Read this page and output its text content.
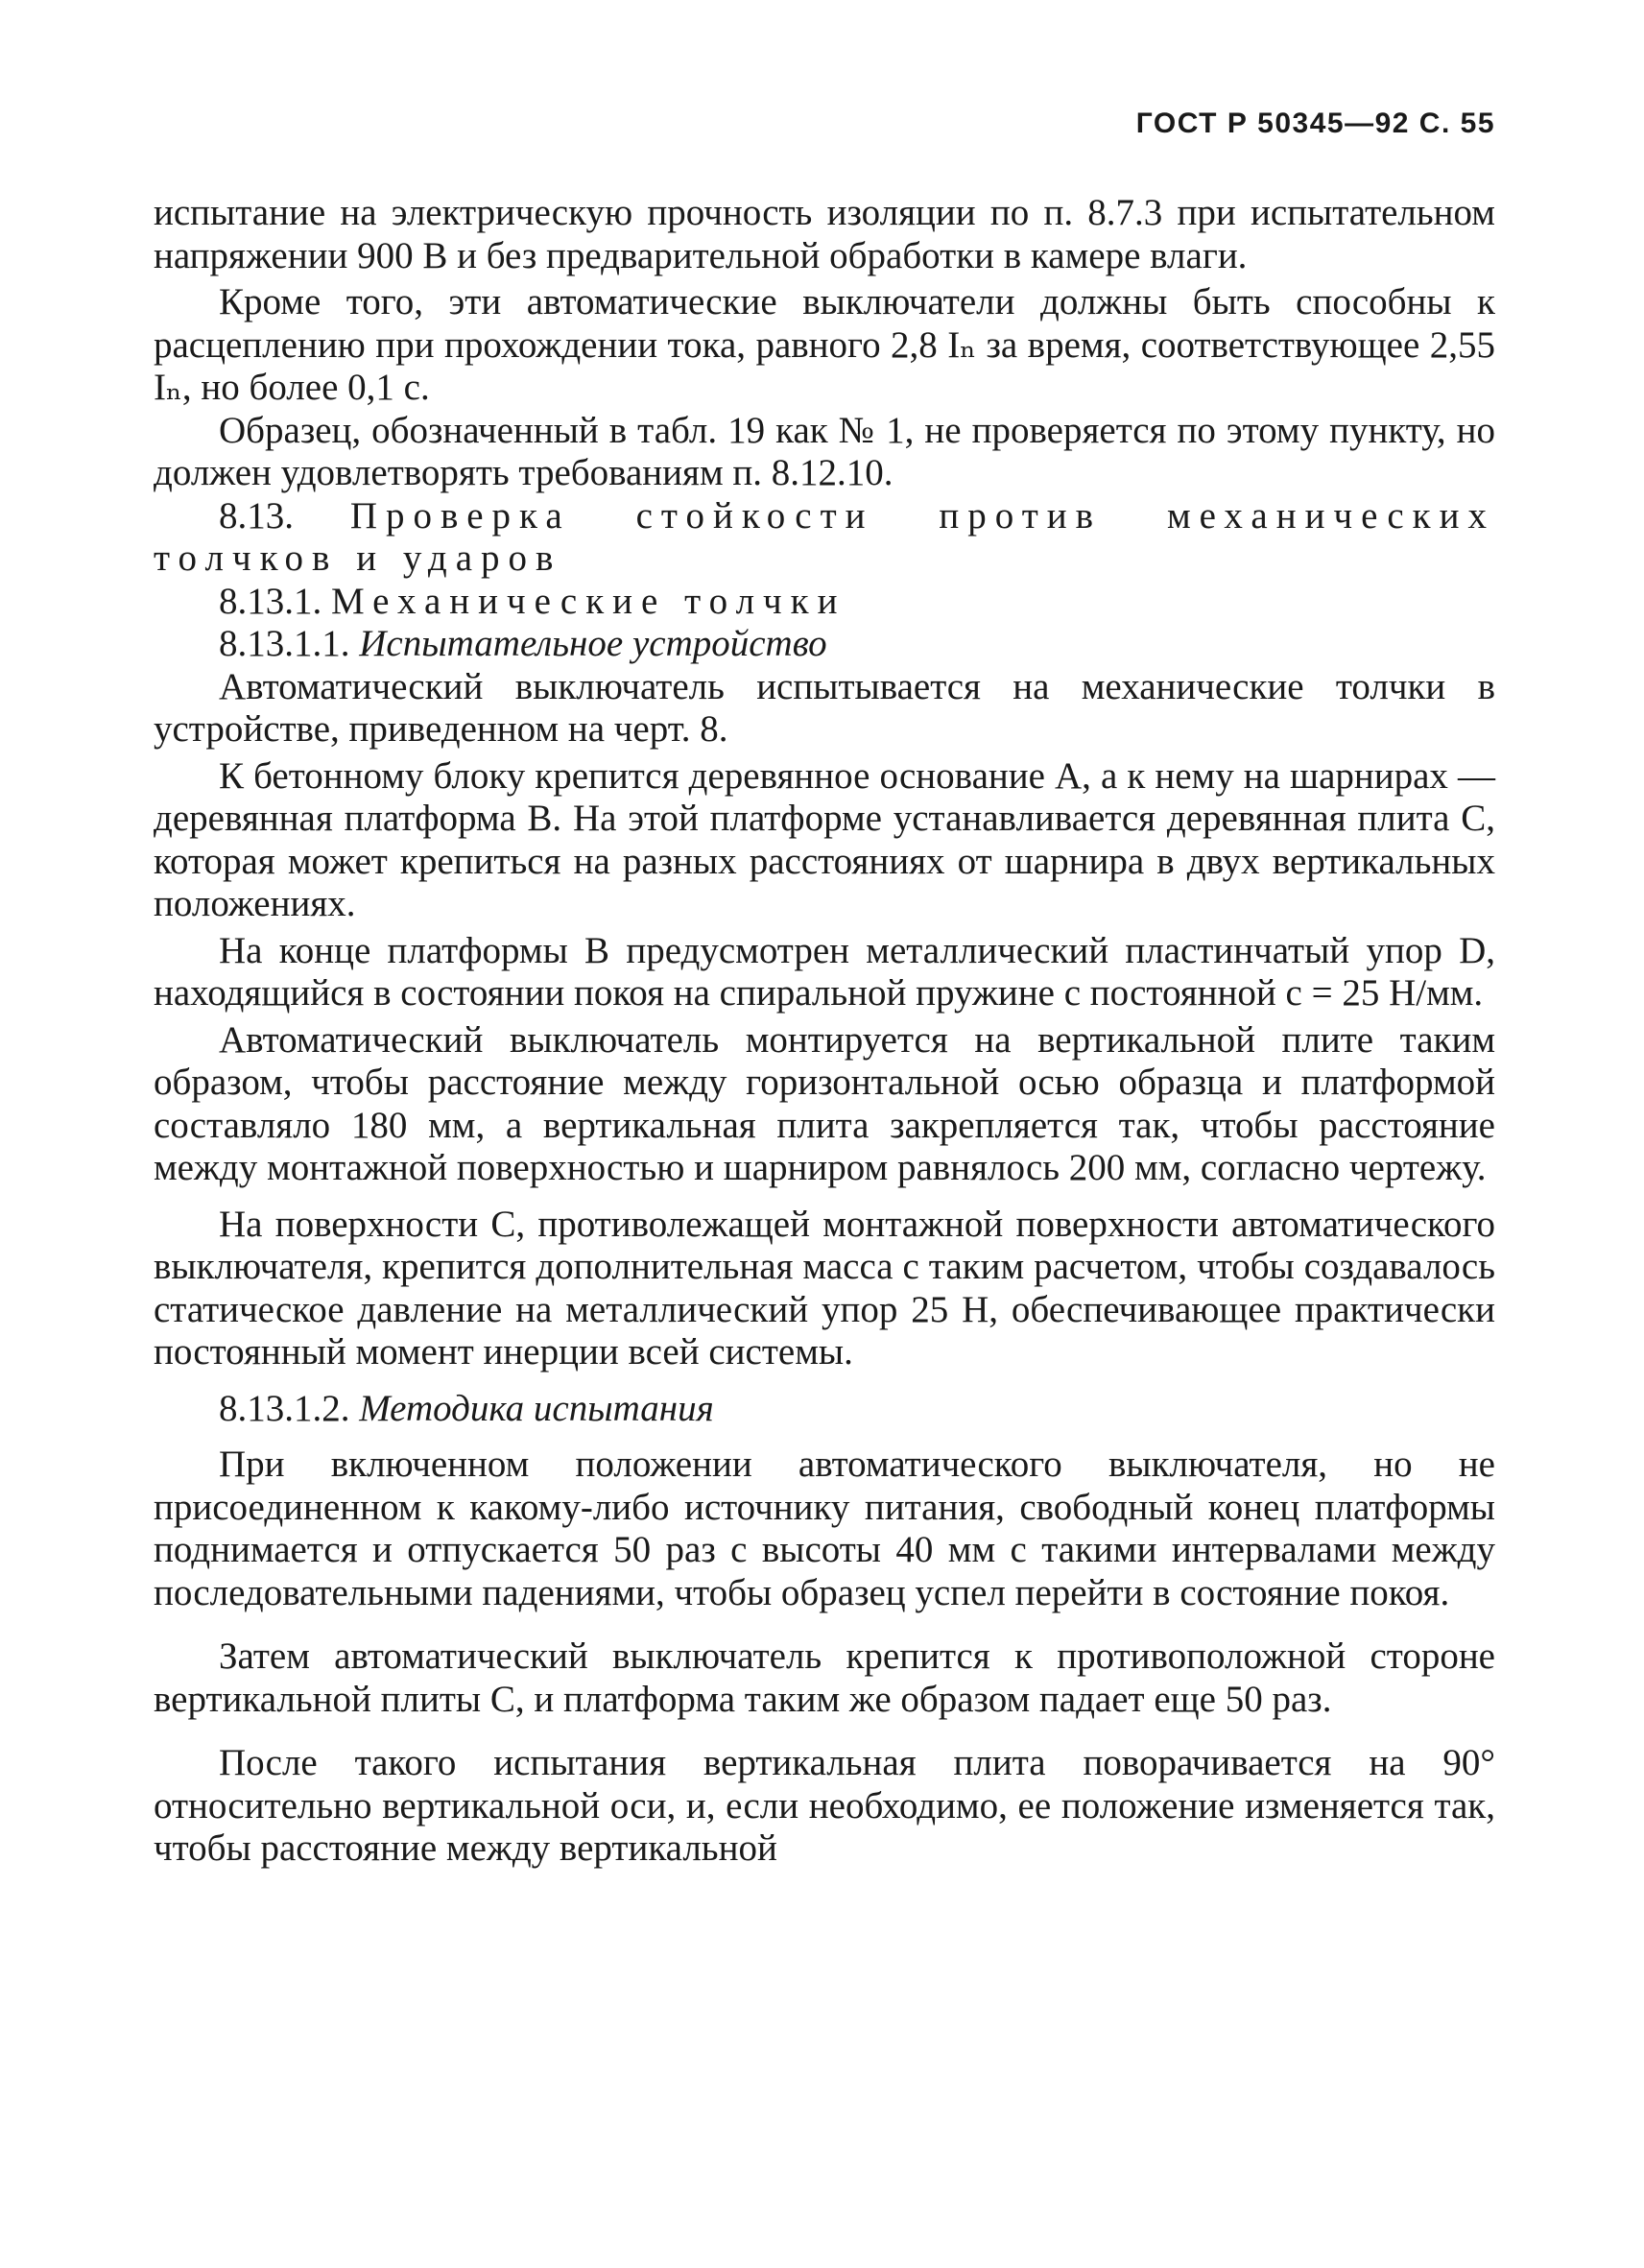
ГОСТ Р 50345—92 С. 55

испытание на электрическую прочность изоляции по п. 8.7.3 при испытательном напряжении 900 В и без предварительной обработки в камере влаги.

Кроме того, эти автоматические выключатели должны быть способны к расцеплению при прохождении тока, равного 2,8 Iₙ за время, соответствующее 2,55 Iₙ, но более 0,1 с.

Образец, обозначенный в табл. 19 как № 1, не проверяется по этому пункту, но должен удовлетворять требованиям п. 8.12.10.

8.13. Проверка стойкости против механических толчков и ударов

8.13.1. Механические толчки

8.13.1.1. Испытательное устройство

Автоматический выключатель испытывается на механические толчки в устройстве, приведенном на черт. 8.

К бетонному блоку крепится деревянное основание A, а к нему на шарнирах — деревянная платформа B. На этой платформе устанавливается деревянная плита C, которая может крепиться на разных расстояниях от шарнира в двух вертикальных положениях.

На конце платформы B предусмотрен металлический пластинчатый упор D, находящийся в состоянии покоя на спиральной пружине с постоянной c = 25 Н/мм.

Автоматический выключатель монтируется на вертикальной плите таким образом, чтобы расстояние между горизонтальной осью образца и платформой составляло 180 мм, а вертикальная плита закрепляется так, чтобы расстояние между монтажной поверхностью и шарниром равнялось 200 мм, согласно чертежу.

На поверхности C, противолежащей монтажной поверхности автоматического выключателя, крепится дополнительная масса с таким расчетом, чтобы создавалось статическое давление на металлический упор 25 Н, обеспечивающее практически постоянный момент инерции всей системы.

8.13.1.2. Методика испытания

При включенном положении автоматического выключателя, но не присоединенном к какому-либо источнику питания, свободный конец платформы поднимается и отпускается 50 раз с высоты 40 мм с такими интервалами между последовательными падениями, чтобы образец успел перейти в состояние покоя.

Затем автоматический выключатель крепится к противоположной стороне вертикальной плиты C, и платформа таким же образом падает еще 50 раз.

После такого испытания вертикальная плита поворачивается на 90° относительно вертикальной оси, и, если необходимо, ее положение изменяется так, чтобы расстояние между вертикальной
